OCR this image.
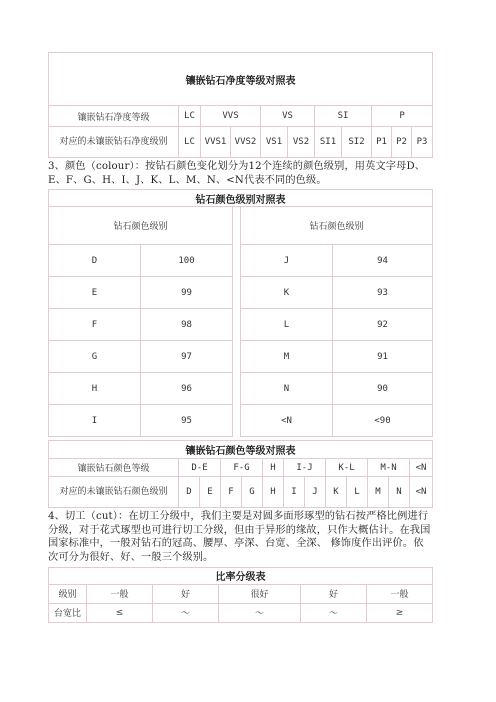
镶嵌钻石净度等级对照表										
镶嵌钻石净度等级	LC	VVS		VS		SI		P		
对应的未镶嵌钻石净度级别	LC	VVS1	VVS2	VS1	VS2	SI1	SI2	P1	P2	P3

3、颜色（colour）：按钻石颜色变化划分为12个连续的颜色级别，用英文字母D、E、F、G、H、I、J、K、L、M、N、<N代表不同的色级。

钻石颜色级别对照表				
钻石颜色级别			钻石颜色级别	
D	100		J	94
E	99		K	93
F	98		L	92
G	97		M	91
H	96		N	90
I	95		<N	<90
镶嵌钻石颜色等级对照表												
镶嵌钻石颜色等级	D-E		F-G		H	I-J		K-L		M-N		<N
对应的未镶嵌钻石颜色级别	D	E	F	G	H	I	J	K	L	M	N	<N

4、切工（cut）：在切工分级中，我们主要是对圆多面形琢型的钻石按严格比例进行分级，对于花式琢型也可进行切工分级，但由于异形的缘故，只作大概估计。在我国国家标准中，一般对钻石的冠高、腰厚、亭深、台宽、全深、 修饰度作出评价。依次可分为很好、好、一般三个级别。

比率分级表					
级别	一般	好	很好	好	一般
台宽比	≤	～	～	～	≥
